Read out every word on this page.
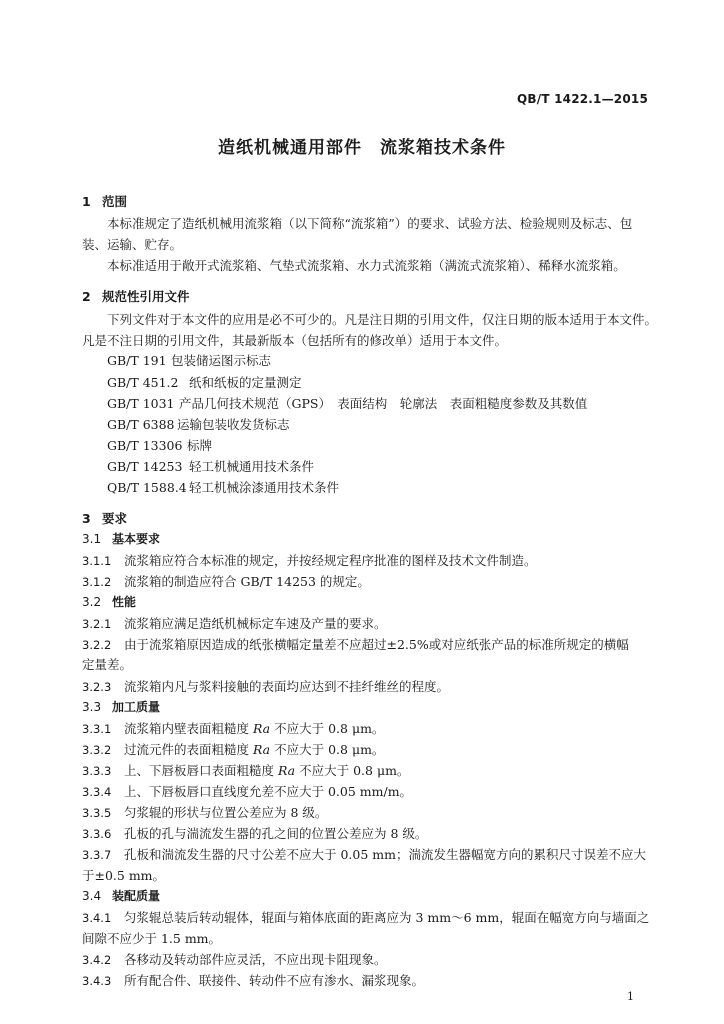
QB/T 1422.1—2015
造纸机械通用部件　流浆箱技术条件
1 范围
本标准规定了造纸机械用流浆箱（以下简称“流浆箱”）的要求、试验方法、检验规则及标志、包装、运输、贮存。
本标准适用于敞开式流浆箱、气垫式流浆箱、水力式流浆箱（满流式流浆箱）、稀释水流浆箱。
2 规范性引用文件
下列文件对于本文件的应用是必不可少的。凡是注日期的引用文件，仅注日期的版本适用于本文件。凡是不注日期的引用文件，其最新版本（包括所有的修改单）适用于本文件。
GB/T 191 包装储运图示标志
GB/T 451.2 纸和纸板的定量测定
GB/T 1031 产品几何技术规范（GPS）　表面结构　轮廓法　表面粗糙度参数及其数值
GB/T 6388 运输包装收发货标志
GB/T 13306 标牌
GB/T 14253 轻工机械通用技术条件
QB/T 1588.4 轻工机械涂漆通用技术条件
3 要求
3.1 基本要求
3.1.1 流浆箱应符合本标准的规定，并按经规定程序批准的图样及技术文件制造。
3.1.2 流浆箱的制造应符合 GB/T 14253 的规定。
3.2 性能
3.2.1 流浆箱应满足造纸机械标定车速及产量的要求。
3.2.2 由于流浆箱原因造成的纸张横幅定量差不应超过±2.5%或对应纸张产品的标准所规定的横幅
定量差。
3.2.3 流浆箱内凡与浆料接触的表面均应达到不挂纤维丝的程度。
3.3 加工质量
3.3.1 流浆箱内壁表面粗糙度 Ra 不应大于 0.8 μm。
3.3.2 过流元件的表面粗糙度 Ra 不应大于 0.8 μm。
3.3.3 上、下唇板唇口表面粗糙度 Ra 不应大于 0.8 μm。
3.3.4 上、下唇板唇口直线度允差不应大于 0.05 mm/m。
3.3.5 匀浆辊的形状与位置公差应为 8 级。
3.3.6 孔板的孔与湍流发生器的孔之间的位置公差应为 8 级。
3.3.7 孔板和湍流发生器的尺寸公差不应大于 0.05 mm；湍流发生器幅宽方向的累积尺寸误差不应大
于±0.5 mm。
3.4 装配质量
3.4.1 匀浆辊总装后转动辊体，辊面与箱体底面的距离应为 3 mm～6 mm，辊面在幅宽方向与墙面之
间隙不应少于 1.5 mm。
3.4.2 各移动及转动部件应灵活，不应出现卡阻现象。
3.4.3 所有配合件、联接件、转动件不应有渗水、漏浆现象。
1
